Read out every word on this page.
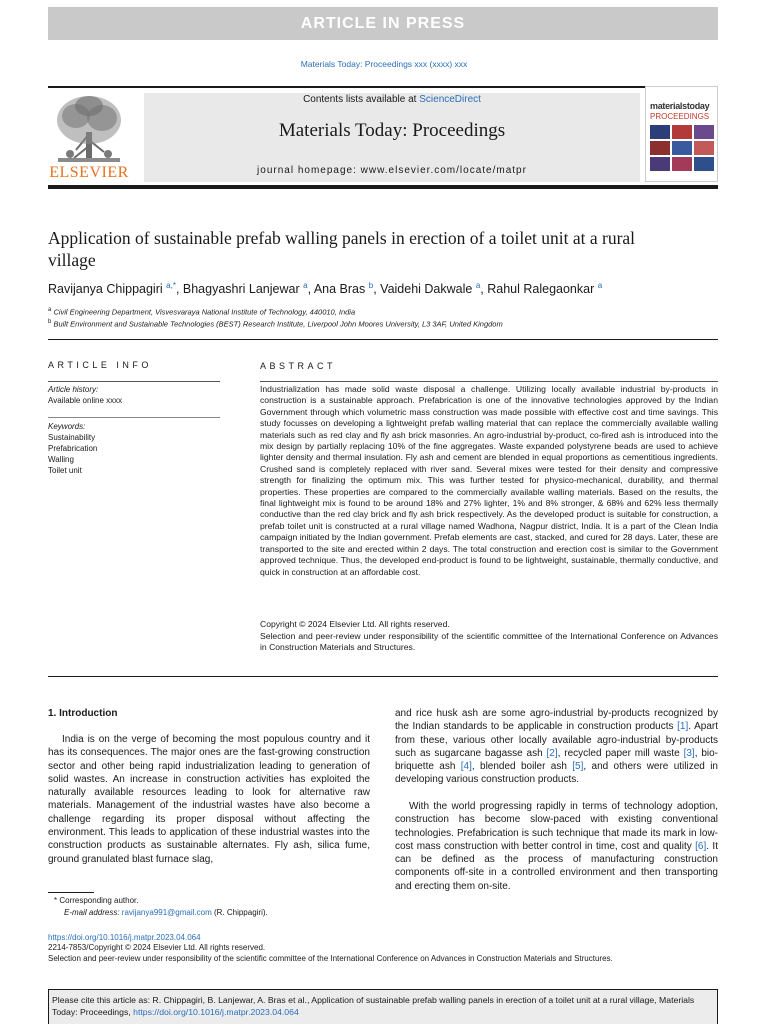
ARTICLE IN PRESS
Materials Today: Proceedings xxx (xxxx) xxx
ELSEVIER
Contents lists available at ScienceDirect
Materials Today: Proceedings
journal homepage: www.elsevier.com/locate/matpr
materialstoday
PROCEEDINGS
Application of sustainable prefab walling panels in erection of a toilet unit at a rural village
Ravijanya Chippagiri $^{a,*}$, Bhagyashri Lanjewar $^a$, Ana Bras $^b$, Vaidehi Dakwale $^a$, Rahul Ralegaonkar $^a$
$^a$ Civil Engineering Department, Visvesvaraya National Institute of Technology, 440010, India
$^b$ Built Environment and Sustainable Technologies (BEST) Research Institute, Liverpool John Moores University, L3 3AF, United Kingdom
ARTICLE INFO	ABSTRACT
Article history:
Available online xxxx
Keywords:
Sustainability
Prefabrication
Walling
Toilet unit
Industrialization has made solid waste disposal a challenge. Utilizing locally available industrial by-products in construction is a sustainable approach. Prefabrication is one of the innovative technologies approved by the Indian Government through which volumetric mass construction was made possible with effective cost and time savings. This study focusses on developing a lightweight prefab walling material that can replace the commercially available walling materials such as red clay and fly ash brick masonries. An agro-industrial by-product, co-fired ash is introduced into the mix design by partially replacing 10% of the fine aggregates. Waste expanded polystyrene beads are used to achieve lighter density and thermal insulation. Fly ash and cement are blended in equal proportions as cementitious ingredients. Crushed sand is completely replaced with river sand. Several mixes were tested for their density and compressive strength for finalizing the optimum mix. This was further tested for physico-mechanical, durability, and thermal properties. These properties are compared to the commercially available walling materials. Based on the results, the final lightweight mix is found to be around 18% and 27% lighter, 1% and 8% stronger, & 68% and 62% less thermally conductive than the red clay brick and fly ash brick respectively. As the developed product is suitable for construction, a prefab toilet unit is constructed at a rural village named Wadhona, Nagpur district, India. It is a part of the Clean India campaign initiated by the Indian government. Prefab elements are cast, stacked, and cured for 28 days. Later, these are transported to the site and erected within 2 days. The total construction and erection cost is similar to the Government approved technique. Thus, the developed end-product is found to be lightweight, sustainable, thermally conductive, and quick in construction at an affordable cost.
Copyright © 2024 Elsevier Ltd. All rights reserved.
Selection and peer-review under responsibility of the scientific committee of the International Conference on Advances in Construction Materials and Structures.
1. Introduction
India is on the verge of becoming the most populous country and it has its consequences. The major ones are the fast-growing construction sector and other being rapid industrialization leading to generation of solid wastes. An increase in construction activities has exploited the naturally available resources leading to look for alternative raw materials. Management of the industrial wastes have also become a challenge regarding its proper disposal without affecting the environment. This leads to application of these industrial wastes into the construction products as sustainable alternates. Fly ash, silica fume, ground granulated blast furnace slag,
and rice husk ash are some agro-industrial by-products recognized by the Indian standards to be applicable in construction products [1]. Apart from these, various other locally available agro-industrial by-products such as sugarcane bagasse ash [2], recycled paper mill waste [3], bio-briquette ash [4], blended boiler ash [5], and others were utilized in developing various construction products.
With the world progressing rapidly in terms of technology adoption, construction has become slow-paced with existing conventional technologies. Prefabrication is such technique that made its mark in low-cost mass construction with better control in time, cost and quality [6]. It can be defined as the process of manufacturing construction components off-site in a controlled environment and then transporting and erecting them on-site.
* Corresponding author.
E-mail address: ravijanya991@gmail.com (R. Chippagiri).
https://doi.org/10.1016/j.matpr.2023.04.064
2214-7853/Copyright © 2024 Elsevier Ltd. All rights reserved.
Selection and peer-review under responsibility of the scientific committee of the International Conference on Advances in Construction Materials and Structures.
Please cite this article as: R. Chippagiri, B. Lanjewar, A. Bras et al., Application of sustainable prefab walling panels in erection of a toilet unit at a rural village, Materials Today: Proceedings, https://doi.org/10.1016/j.matpr.2023.04.064
